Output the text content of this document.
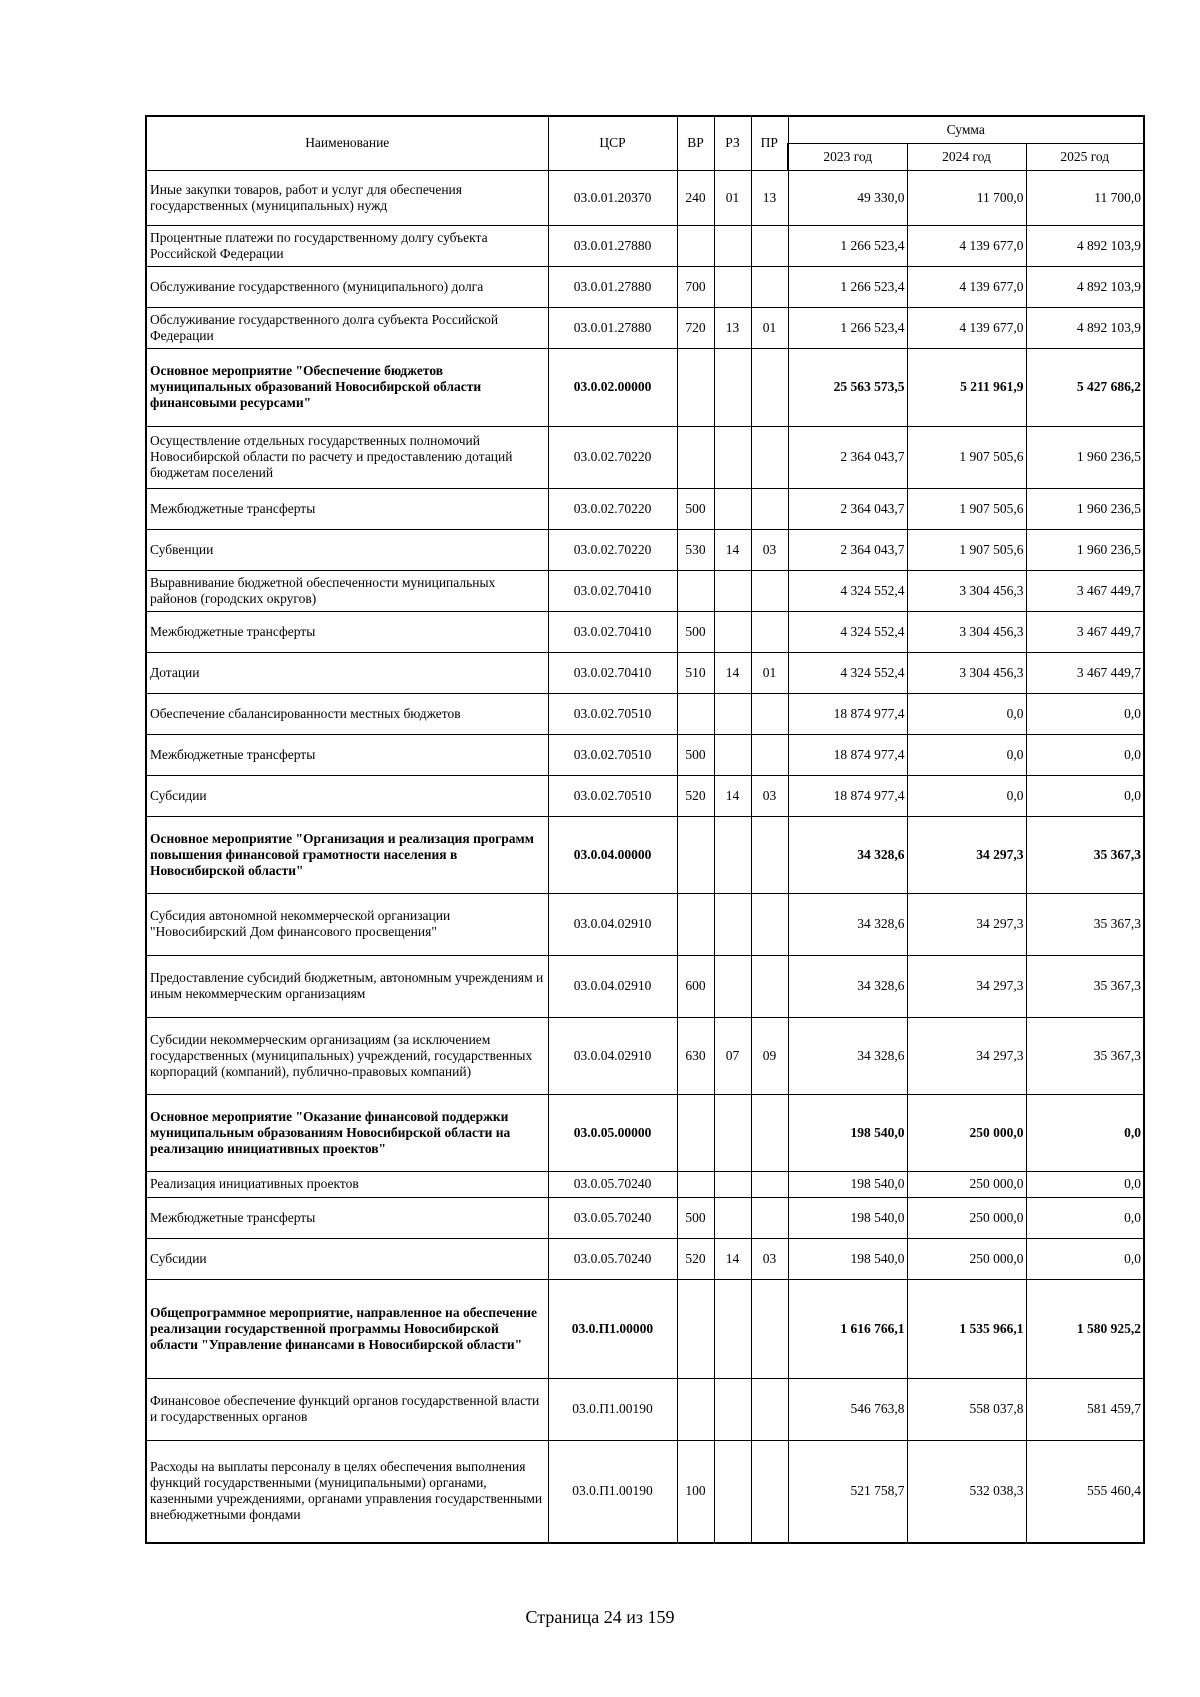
Наименование	ЦСР	ВР	РЗ	ПР	Сумма		
					2023 год	2024 год	2025 год
Иные закупки товаров, работ и услуг для обеспечения государственных (муниципальных) нужд	03.0.01.20370	240	01	13	49 330,0	11 700,0	11 700,0
Процентные платежи по государственному долгу субъекта Российской Федерации	03.0.01.27880				1 266 523,4	4 139 677,0	4 892 103,9
Обслуживание государственного (муниципального) долга	03.0.01.27880	700			1 266 523,4	4 139 677,0	4 892 103,9
Обслуживание государственного долга субъекта Российской Федерации	03.0.01.27880	720	13	01	1 266 523,4	4 139 677,0	4 892 103,9
Основное мероприятие "Обеспечение бюджетов муниципальных образований Новосибирской области финансовыми ресурсами"	03.0.02.00000				25 563 573,5	5 211 961,9	5 427 686,2
Осуществление отдельных государственных полномочий Новосибирской области по расчету и предоставлению дотаций бюджетам поселений	03.0.02.70220				2 364 043,7	1 907 505,6	1 960 236,5
Межбюджетные трансферты	03.0.02.70220	500			2 364 043,7	1 907 505,6	1 960 236,5
Субвенции	03.0.02.70220	530	14	03	2 364 043,7	1 907 505,6	1 960 236,5
Выравнивание бюджетной обеспеченности муниципальных районов (городских округов)	03.0.02.70410				4 324 552,4	3 304 456,3	3 467 449,7
Межбюджетные трансферты	03.0.02.70410	500			4 324 552,4	3 304 456,3	3 467 449,7
Дотации	03.0.02.70410	510	14	01	4 324 552,4	3 304 456,3	3 467 449,7
Обеспечение сбалансированности местных бюджетов	03.0.02.70510				18 874 977,4	0,0	0,0
Межбюджетные трансферты	03.0.02.70510	500			18 874 977,4	0,0	0,0
Субсидии	03.0.02.70510	520	14	03	18 874 977,4	0,0	0,0
Основное мероприятие "Организация и реализация программ повышения финансовой грамотности населения в Новосибирской области"	03.0.04.00000				34 328,6	34 297,3	35 367,3
Субсидия автономной некоммерческой организации "Новосибирский Дом финансового просвещения"	03.0.04.02910				34 328,6	34 297,3	35 367,3
Предоставление субсидий бюджетным, автономным учреждениям и иным некоммерческим организациям	03.0.04.02910	600			34 328,6	34 297,3	35 367,3
Субсидии некоммерческим организациям (за исключением государственных (муниципальных) учреждений, государственных корпораций (компаний), публично-правовых компаний)	03.0.04.02910	630	07	09	34 328,6	34 297,3	35 367,3
Основное мероприятие "Оказание финансовой поддержки муниципальным образованиям Новосибирской области на реализацию инициативных проектов"	03.0.05.00000				198 540,0	250 000,0	0,0
Реализация инициативных проектов	03.0.05.70240				198 540,0	250 000,0	0,0
Межбюджетные трансферты	03.0.05.70240	500			198 540,0	250 000,0	0,0
Субсидии	03.0.05.70240	520	14	03	198 540,0	250 000,0	0,0
Общепрограммное мероприятие, направленное на обеспечение реализации государственной программы Новосибирской области "Управление финансами в Новосибирской области"	03.0.П1.00000				1 616 766,1	1 535 966,1	1 580 925,2
Финансовое обеспечение функций органов государственной власти и государственных органов	03.0.П1.00190				546 763,8	558 037,8	581 459,7
Расходы на выплаты персоналу в целях обеспечения выполнения функций государственными (муниципальными) органами, казенными учреждениями, органами управления государственными внебюджетными фондами	03.0.П1.00190	100			521 758,7	532 038,3	555 460,4
Страница 24 из 159
